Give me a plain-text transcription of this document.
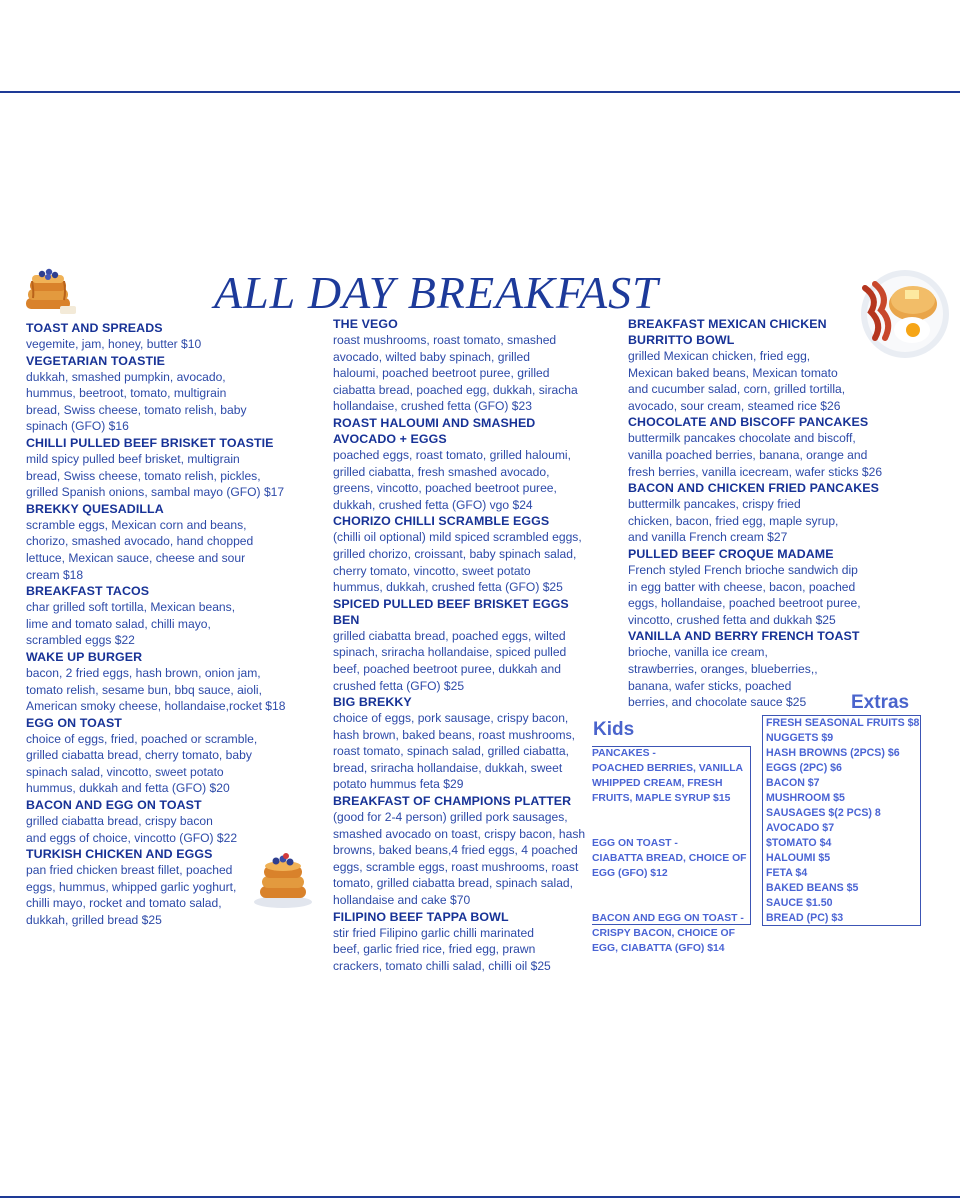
ALL DAY BREAKFAST
TOAST AND SPREADS
vegemite, jam, honey, butter $10
VEGETARIAN TOASTIE
dukkah, smashed pumpkin, avocado,
hummus, beetroot, tomato, multigrain
bread, Swiss cheese, tomato relish, baby
spinach (GFO) $16
CHILLI PULLED BEEF BRISKET TOASTIE
mild spicy pulled beef brisket, multigrain
bread, Swiss cheese, tomato relish, pickles,
grilled Spanish onions, sambal mayo (GFO) $17
BREKKY QUESADILLA
scramble eggs, Mexican corn and beans,
chorizo, smashed avocado, hand chopped
lettuce, Mexican sauce, cheese and sour
cream $18
BREAKFAST TACOS
char grilled soft tortilla, Mexican beans,
lime and tomato salad, chilli mayo,
scrambled eggs $22
WAKE UP BURGER
bacon, 2 fried eggs, hash brown, onion jam,
tomato relish, sesame bun, bbq sauce, aioli,
American smoky cheese, hollandaise,rocket $18
EGG ON TOAST
choice of eggs, fried, poached or scramble,
grilled ciabatta bread, cherry tomato, baby
spinach salad, vincotto, sweet potato
hummus, dukkah and fetta (GFO) $20
BACON AND EGG ON TOAST
grilled ciabatta bread, crispy bacon
and eggs of choice, vincotto (GFO) $22
TURKISH CHICKEN AND EGGS
pan fried chicken breast fillet, poached
eggs, hummus, whipped garlic yoghurt,
chilli mayo, rocket and tomato salad,
dukkah, grilled bread $25
THE VEGO
roast mushrooms, roast tomato, smashed
avocado, wilted baby spinach, grilled
haloumi, poached beetroot puree, grilled
ciabatta bread, poached egg, dukkah, siracha
hollandaise, crushed fetta (GFO) $23
ROAST HALOUMI AND SMASHED
AVOCADO + EGGS
poached eggs, roast tomato, grilled haloumi,
grilled ciabatta, fresh smashed avocado,
greens, vincotto, poached beetroot puree,
dukkah, crushed fetta (GFO) vgo $24
CHORIZO CHILLI SCRAMBLE EGGS
(chilli oil optional) mild spiced scrambled eggs,
grilled chorizo, croissant, baby spinach salad,
cherry tomato, vincotto, sweet potato
hummus, dukkah, crushed fetta (GFO) $25
SPICED PULLED BEEF BRISKET EGGS BEN
grilled ciabatta bread, poached eggs, wilted
spinach, sriracha hollandaise, spiced pulled
beef, poached beetroot puree, dukkah and
crushed fetta (GFO) $25
BIG BREKKY
choice of eggs, pork sausage, crispy bacon,
hash brown, baked beans, roast mushrooms,
roast tomato, spinach salad, grilled ciabatta,
bread, sriracha hollandaise, dukkah, sweet
potato hummus feta $29
BREAKFAST OF CHAMPIONS PLATTER
(good for 2-4 person) grilled pork sausages,
smashed avocado on toast, crispy bacon, hash
browns, baked beans,4 fried eggs, 4 poached
eggs, scramble eggs, roast mushrooms, roast
tomato, grilled ciabatta bread, spinach salad,
hollandaise and cake $70
FILIPINO BEEF TAPPA BOWL
stir fried Filipino garlic chilli marinated
beef, garlic fried rice, fried egg, prawn
crackers, tomato chilli salad, chilli oil $25
BREAKFAST MEXICAN CHICKEN
BURRITTO BOWL
grilled Mexican chicken, fried egg,
Mexican baked beans, Mexican tomato
and cucumber salad, corn, grilled tortilla,
avocado, sour cream, steamed rice $26
CHOCOLATE AND BISCOFF PANCAKES
buttermilk pancakes chocolate and biscoff,
vanilla poached berries, banana, orange and
fresh berries, vanilla icecream, wafer sticks $26
BACON AND CHICKEN FRIED PANCAKES
buttermilk pancakes, crispy fried
chicken, bacon, fried egg, maple syrup,
and vanilla French cream $27
PULLED BEEF CROQUE MADAME
French styled French brioche sandwich dip
in egg batter with cheese, bacon, poached
eggs, hollandaise, poached beetroot puree,
vincotto, crushed fetta and dukkah $25
VANILLA AND BERRY FRENCH TOAST
brioche, vanilla ice cream,
strawberries, oranges, blueberries,,
banana, wafer sticks, poached
berries, and chocolate sauce $25
Kids
PANCAKES -
POACHED BERRIES, VANILLA
WHIPPED CREAM, FRESH
FRUITS, MAPLE SYRUP $15
EGG ON TOAST -
CIABATTA BREAD, CHOICE OF
EGG (GFO) $12
BACON AND EGG ON TOAST -
CRISPY BACON, CHOICE OF
EGG, CIABATTA (GFO) $14
Extras
FRESH SEASONAL FRUITS $8
NUGGETS $9
HASH BROWNS (2PCS) $6
EGGS (2PC) $6
BACON $7
MUSHROOM $5
SAUSAGES $(2 PCS) 8
AVOCADO $7
$TOMATO $4
HALOUMI $5
FETA $4
BAKED BEANS $5
SAUCE $1.50
BREAD (PC) $3
